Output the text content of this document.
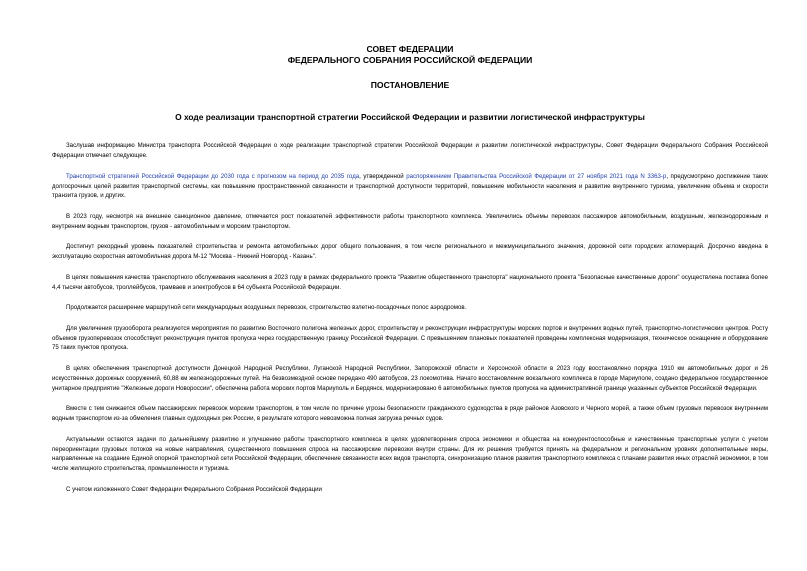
СОВЕТ ФЕДЕРАЦИИ
ФЕДЕРАЛЬНОГО СОБРАНИЯ РОССИЙСКОЙ ФЕДЕРАЦИИ
ПОСТАНОВЛЕНИЕ
О ходе реализации транспортной стратегии Российской Федерации и развитии логистической инфраструктуры

Заслушав информацию Министра транспорта Российской Федерации о ходе реализации транспортной стратегии Российской Федерации и развитии логистической инфраструктуры, Совет Федерации Федерального Собрания Российской Федерации отмечает следующее.

Транспортной стратегией Российской Федерации до 2030 года с прогнозом на период до 2035 года, утвержденной распоряжением Правительства Российской Федерации от 27 ноября 2021 года N 3363-р, предусмотрено достижение таких долгосрочных целей развития транспортной системы, как повышение пространственной связанности и транспортной доступности территорий, повышение мобильности населения и развитие внутреннего туризма, увеличение объема и скорости транзита грузов, и других.

В 2023 году, несмотря на внешнее санкционное давление, отмечается рост показателей эффективности работы транспортного комплекса. Увеличились объемы перевозок пассажиров автомобильным, воздушным, железнодорожным и внутренним водным транспортом, грузов - автомобильным и морским транспортом.

Достигнут рекордный уровень показателей строительства и ремонта автомобильных дорог общего пользования, в том числе регионального и межмуниципального значения, дорожной сети городских агломераций. Досрочно введена в эксплуатацию скоростная автомобильная дорога М-12 "Москва - Нижний Новгород - Казань".

В целях повышения качества транспортного обслуживания населения в 2023 году в рамках федерального проекта "Развитие общественного транспорта" национального проекта "Безопасные качественные дороги" осуществлена поставка более 4,4 тысячи автобусов, троллейбусов, трамваев и электробусов в 64 субъекта Российской Федерации.

Продолжается расширение маршрутной сети международных воздушных перевозок, строительство взлетно-посадочных полос аэродромов.

Для увеличения грузооборота реализуются мероприятия по развитию Восточного полигона железных дорог, строительству и реконструкции инфраструктуры морских портов и внутренних водных путей, транспортно-логистических центров. Росту объемов грузоперевозок способствует реконструкция пунктов пропуска через государственную границу Российской Федерации. С превышением плановых показателей проведены комплексная модернизация, техническое оснащение и оборудование 75 таких пунктов пропуска.

В целях обеспечения транспортной доступности Донецкой Народной Республики, Луганской Народной Республики, Запорожской области и Херсонской области в 2023 году восстановлено порядка 1910 км автомобильных дорог и 26 искусственных дорожных сооружений, 60,88 км железнодорожных путей. На безвозмездной основе передано 490 автобусов, 23 локомотива. Начато восстановление вокзального комплекса в городе Мариуполе, создано федеральное государственное унитарное предприятие "Железные дороги Новороссии", обеспечена работа морских портов Мариуполь и Бердянск, модернизировано 6 автомобильных пунктов пропуска на административной границе указанных субъектов Российской Федерации.

Вместе с тем снижается объем пассажирских перевозок морским транспортом, в том числе по причине угрозы безопасности гражданского судоходства в ряде районов Азовского и Черного морей, а также объем грузовых перевозок внутренним водным транспортом из-за обмеления главных судоходных рек России, в результате которого невозможна полная загрузка речных судов.

Актуальными остаются задачи по дальнейшему развитию и улучшению работы транспортного комплекса в целях удовлетворения спроса экономики и общества на конкурентоспособные и качественные транспортные услуги с учетом переориентации грузовых потоков на новые направления, существенного повышения спроса на пассажирские перевозки внутри страны. Для их решения требуется принять на федеральном и региональном уровнях дополнительные меры, направленные на создание Единой опорной транспортной сети Российской Федерации, обеспечение связанности всех видов транспорта, синхронизацию планов развития транспортного комплекса с планами развития иных отраслей экономики, в том числе жилищного строительства, промышленности и туризма.

С учетом изложенного Совет Федерации Федерального Собрания Российской Федерации
